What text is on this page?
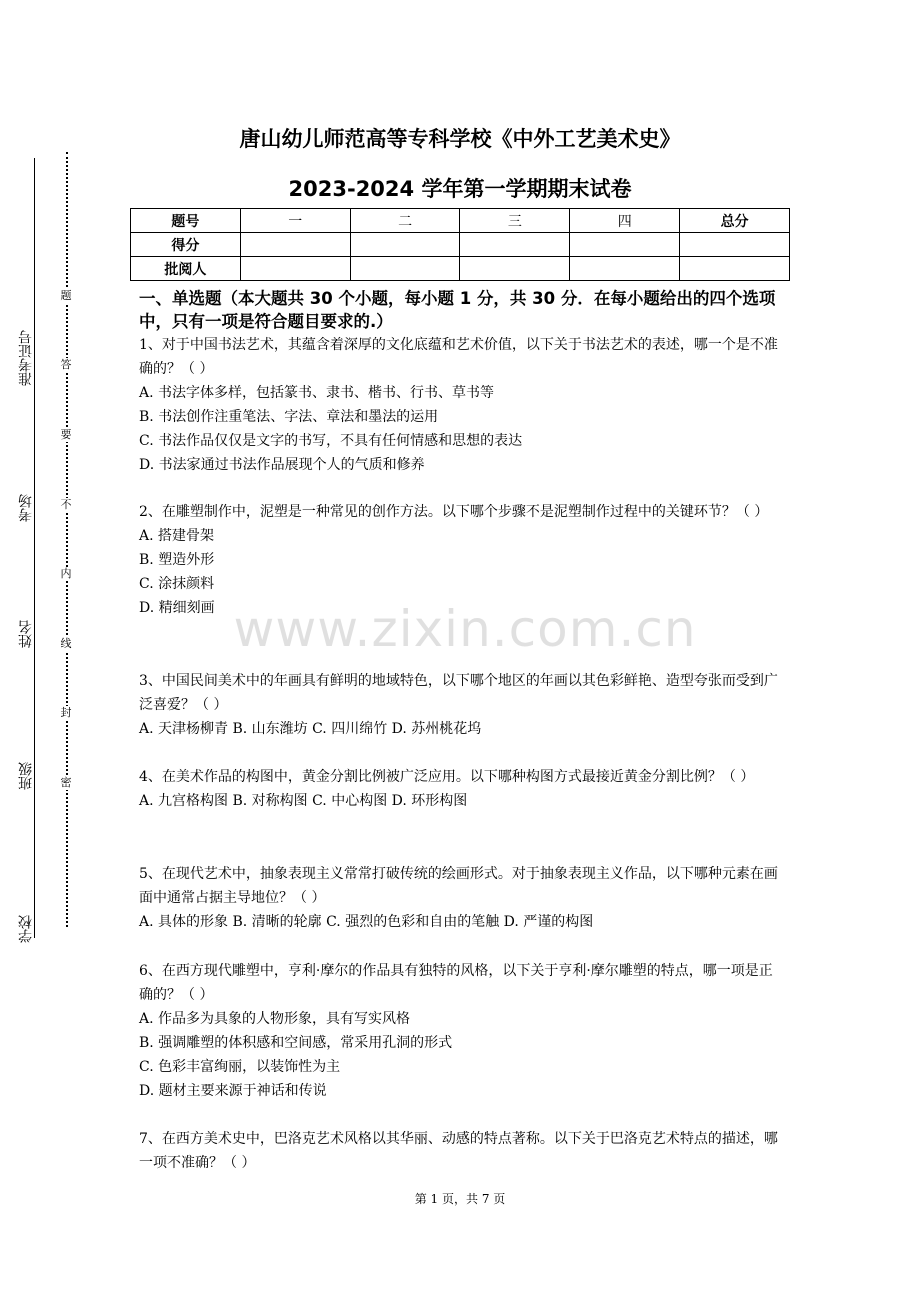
唐山幼儿师范高等专科学校《中外工艺美术史》
2023-2024 学年第一学期期末试卷
题号	一	二	三	四	总分
得分					
批阅人					
一、单选题（本大题共 30 个小题，每小题 1 分，共 30 分．在每小题给出的四个选项中，只有一项是符合题目要求的.）

1、对于中国书法艺术，其蕴含着深厚的文化底蕴和艺术价值，以下关于书法艺术的表述，哪一个是不准确的？（ ）

A. 书法字体多样，包括篆书、隶书、楷书、行书、草书等

B. 书法创作注重笔法、字法、章法和墨法的运用

C. 书法作品仅仅是文字的书写，不具有任何情感和思想的表达

D. 书法家通过书法作品展现个人的气质和修养

2、在雕塑制作中，泥塑是一种常见的创作方法。以下哪个步骤不是泥塑制作过程中的关键环节？（ ）

A. 搭建骨架

B. 塑造外形

C. 涂抹颜料

D. 精细刻画

3、中国民间美术中的年画具有鲜明的地域特色，以下哪个地区的年画以其色彩鲜艳、造型夸张而受到广泛喜爱？（ ）

A. 天津杨柳青 B. 山东潍坊 C. 四川绵竹 D. 苏州桃花坞

4、在美术作品的构图中，黄金分割比例被广泛应用。以下哪种构图方式最接近黄金分割比例？（ ）

A. 九宫格构图 B. 对称构图 C. 中心构图 D. 环形构图

5、在现代艺术中，抽象表现主义常常打破传统的绘画形式。对于抽象表现主义作品，以下哪种元素在画面中通常占据主导地位？（ ）

A. 具体的形象 B. 清晰的轮廓 C. 强烈的色彩和自由的笔触 D. 严谨的构图

6、在西方现代雕塑中，亨利·摩尔的作品具有独特的风格，以下关于亨利·摩尔雕塑的特点，哪一项是正确的？（ ）

A. 作品多为具象的人物形象，具有写实风格

B. 强调雕塑的体积感和空间感，常采用孔洞的形式

C. 色彩丰富绚丽，以装饰性为主

D. 题材主要来源于神话和传说

7、在西方美术史中，巴洛克艺术风格以其华丽、动感的特点著称。以下关于巴洛克艺术特点的描述，哪一项不准确？（ ）

准考证号
考场
姓名
班级
学校
题
答
要
不
内
线
封
密
www.zixin.com.cn
第 1 页，共 7 页
